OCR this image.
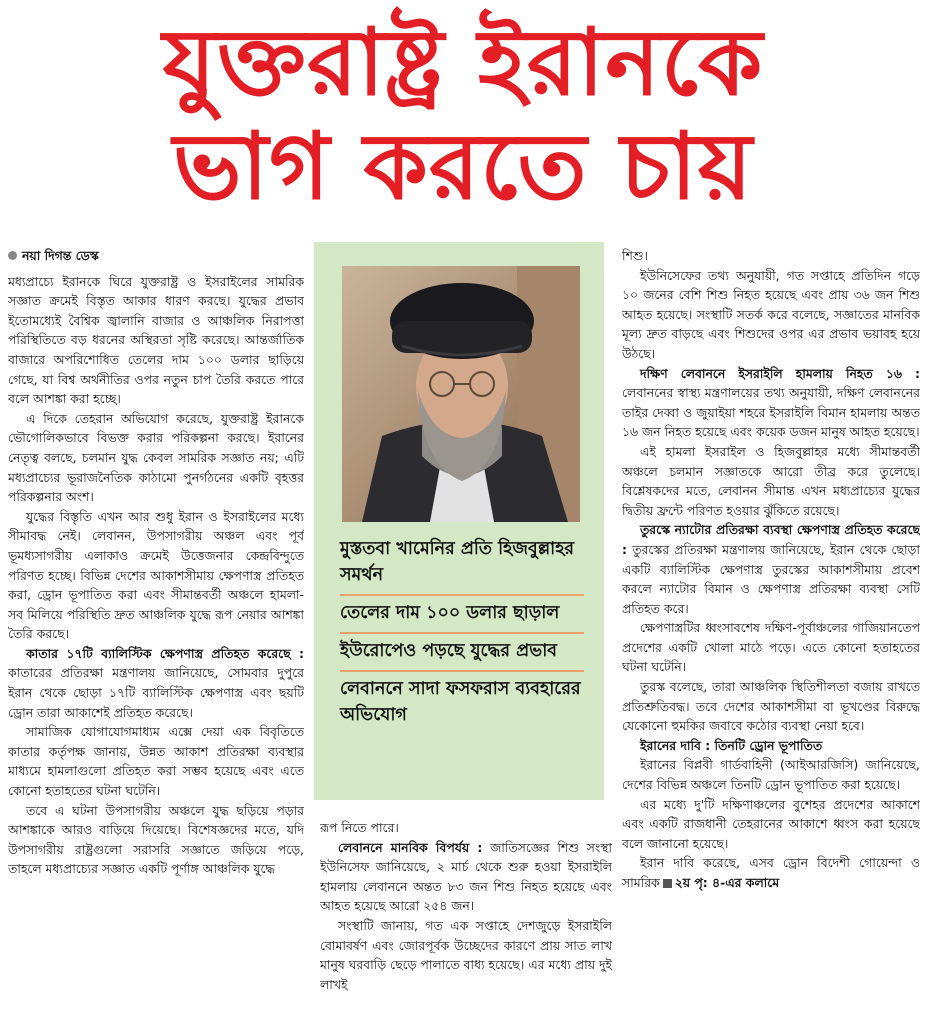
যুক্তরাষ্ট্র ইরানকে
ভাগ করতে চায়
নয়া দিগন্ত ডেস্ক

মধ্যপ্রাচ্যে ইরানকে ঘিরে যুক্তরাষ্ট্র ও ইসরাইলের সামরিক সজ্ঞাত ক্রমেই বিস্তৃত আকার ধারণ করছে। যুদ্ধের প্রভাব ইতোমধ্যেই বৈশ্বিক জ্বালানি বাজার ও আঞ্চলিক নিরাপত্তা পরিস্থিতিতে বড় ধরনের অস্থিরতা সৃষ্টি করেছে। আন্তর্জাতিক বাজারে অপরিশোধিত তেলের দাম ১০০ ডলার ছাড়িয়ে গেছে, যা বিশ্ব অর্থনীতির ওপর নতুন চাপ তৈরি করতে পারে বলে আশঙ্কা করা হচ্ছে।

এ দিকে তেহরান অভিযোগ করেছে, যুক্তরাষ্ট্র ইরানকে ভৌগোলিকভাবে বিভক্ত করার পরিকল্পনা করছে। ইরানের নেতৃত্ব বলছে, চলমান যুদ্ধ কেবল সামরিক সজ্ঞাত নয়; এটি মধ্যপ্রাচ্যের ভূরাজনৈতিক কাঠামো পুনর্গঠনের একটি বৃহত্তর পরিকল্পনার অংশ।

যুদ্ধের বিস্তৃতি এখন আর শুধু ইরান ও ইসরাইলের মধ্যে সীমাবদ্ধ নেই। লেবানন, উপসাগরীয় অঞ্চল এবং পূর্ব ভূমধ্যসাগরীয় এলাকাও ক্রমেই উত্তেজনার কেন্দ্রবিন্দুতে পরিণত হচ্ছে। বিভিন্ন দেশের আকাশসীমায় ক্ষেপণাস্ত্র প্রতিহত করা, ড্রোন ভূপাতিত করা এবং সীমান্তবর্তী অঞ্চলে হামলা- সব মিলিয়ে পরিস্থিতি দ্রুত আঞ্চলিক যুদ্ধে রূপ নেয়ার আশঙ্কা তৈরি করছে।

কাতার ১৭টি ব্যালিস্টিক ক্ষেপণাস্ত্র প্রতিহত করেছে : কাতারের প্রতিরক্ষা মন্ত্রণালয় জানিয়েছে, সোমবার দুপুরে ইরান থেকে ছোড়া ১৭টি ব্যালিস্টিক ক্ষেপণাস্ত্র এবং ছয়টি ড্রোন তারা আকাশেই প্রতিহত করেছে।

সামাজিক যোগাযোগমাধ্যম এক্সে দেয়া এক বিবৃতিতে কাতার কর্তৃপক্ষ জানায়, উন্নত আকাশ প্রতিরক্ষা ব্যবস্থার মাধ্যমে হামলাগুলো প্রতিহত করা সম্ভব হয়েছে এবং এতে কোনো হতাহতের ঘটনা ঘটেনি।

তবে এ ঘটনা উপসাগরীয় অঞ্চলে যুদ্ধ ছড়িয়ে পড়ার আশঙ্কাকে আরও বাড়িয়ে দিয়েছে। বিশেষজ্ঞদের মতে, যদি উপসাগরীয় রাষ্ট্রগুলো সরাসরি সজ্ঞাতে জড়িয়ে পড়ে, তাহলে মধ্যপ্রাচ্যের সজ্ঞাত একটি পূর্ণাঙ্গ আঞ্চলিক যুদ্ধে

মুস্ততবা খামেনির প্রতি হিজবুল্লাহর সমর্থন
তেলের দাম ১০০ ডলার ছাড়াল
ইউরোপেও পড়ছে যুদ্ধের প্রভাব
লেবাননে সাদা ফসফরাস ব্যবহারের অভিযোগ

রূপ নিতে পারে।

লেবাননে মানবিক বিপর্যয় : জাতিসজ্ঞের শিশু সংস্থা ইউনিসেফ জানিয়েছে, ২ মার্চ থেকে শুরু হওয়া ইসরাইলি হামলায় লেবাননে অন্তত ৮৩ জন শিশু নিহত হয়েছে এবং আহত হয়েছে আরো ২৫৪ জন।

সংস্থাটি জানায়, গত এক সপ্তাহে দেশজুড়ে ইসরাইলি বোমাবর্ষণ এবং জোরপূর্বক উচ্ছেদের কারণে প্রায় সাত লাখ মানুষ ঘরবাড়ি ছেড়ে পালাতে বাধ্য হয়েছে। এর মধ্যে প্রায় দুই লাখই

শিশু।

ইউনিসেফের তথ্য অনুযায়ী, গত সপ্তাহে প্রতিদিন গড়ে ১০ জনের বেশি শিশু নিহত হয়েছে এবং প্রায় ৩৬ জন শিশু আহত হয়েছে। সংস্থাটি সতর্ক করে বলেছে, সজ্ঞাতের মানবিক মূল্য দ্রুত বাড়ছে এবং শিশুদের ওপর এর প্রভাব ভয়াবহ হয়ে উঠছে।

দক্ষিণ লেবাননে ইসরাইলি হামলায় নিহত ১৬ : লেবাননের স্বাস্থ্য মন্ত্রণালয়ের তথ্য অনুযায়ী, দক্ষিণ লেবাননের তাইর দেব্বা ও জুয়াইয়া শহরে ইসরাইলি বিমান হামলায় অন্তত ১৬ জন নিহত হয়েছে এবং কয়েক ডজন মানুষ আহত হয়েছে।

এই হামলা ইসরাইল ও হিজবুল্লাহর মধ্যে সীমান্তবর্তী অঞ্চলে চলমান সজ্ঞাতকে আরো তীব্র করে তুলেছে। বিশ্লেষকদের মতে, লেবানন সীমান্ত এখন মধ্যপ্রাচ্যের যুদ্ধের দ্বিতীয় ফ্রন্টে পরিণত হওয়ার ঝুঁকিতে রয়েছে।

তুরস্কে ন্যাটোর প্রতিরক্ষা ব্যবস্থা ক্ষেপণাস্ত্র প্রতিহত করেছে : তুরস্কের প্রতিরক্ষা মন্ত্রণালয় জানিয়েছে, ইরান থেকে ছোড়া একটি ব্যালিস্টিক ক্ষেপণাস্ত্র তুরস্কের আকাশসীমায় প্রবেশ করলে ন্যাটোর বিমান ও ক্ষেপণাস্ত্র প্রতিরক্ষা ব্যবস্থা সেটি প্রতিহত করে।

ক্ষেপণাস্ত্রটির ধ্বংসাবশেষ দক্ষিণ-পূর্বাঞ্চলের গাজিয়ানতেপ প্রদেশের একটি খোলা মাঠে পড়ে। এতে কোনো হতাহতের ঘটনা ঘটেনি।

তুরস্ক বলেছে, তারা আঞ্চলিক স্থিতিশীলতা বজায় রাখতে প্রতিশ্রুতিবদ্ধ। তবে দেশের আকাশসীমা বা ভূখণ্ডের বিরুদ্ধে যেকোনো হুমকির জবাবে কঠোর ব্যবস্থা নেয়া হবে।

ইরানের দাবি : তিনটি ড্রোন ভূপাতিত

ইরানের বিপ্লবী গার্ডবাহিনী (আইআরজিসি) জানিয়েছে, দেশের বিভিন্ন অঞ্চলে তিনটি ড্রোন ভূপাতিত করা হয়েছে।

এর মধ্যে দু'টি দক্ষিণাঞ্চলের বুশেহর প্রদেশের আকাশে এবং একটি রাজধানী তেহরানের আকাশে ধ্বংস করা হয়েছে বলে জানানো হয়েছে।

ইরান দাবি করেছে, এসব ড্রোন বিদেশী গোয়েন্দা ও সামরিক ২য় পৃ: ৪-এর কলামে
